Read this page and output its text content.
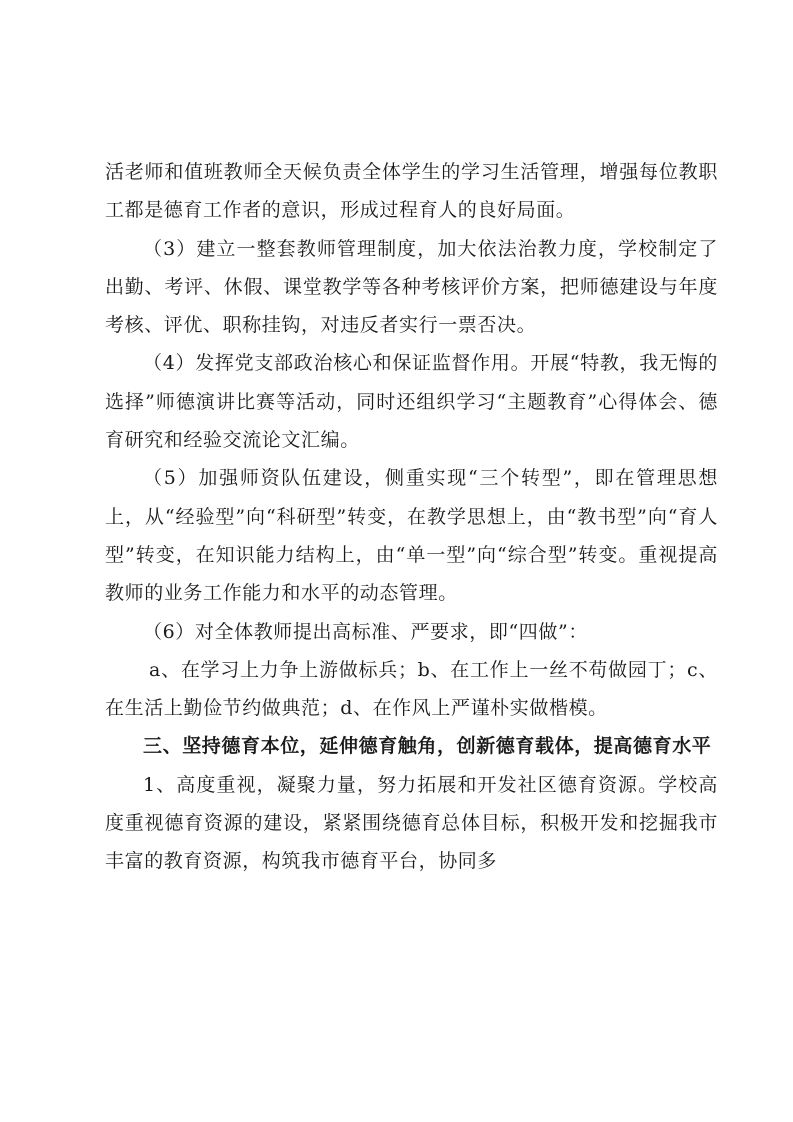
活老师和值班教师全天候负责全体学生的学习生活管理，增强每位教职工都是德育工作者的意识，形成过程育人的良好局面。

（3）建立一整套教师管理制度，加大依法治教力度，学校制定了出勤、考评、休假、课堂教学等各种考核评价方案，把师德建设与年度考核、评优、职称挂钩，对违反者实行一票否决。

（4）发挥党支部政治核心和保证监督作用。开展“特教，我无悔的选择”师德演讲比赛等活动，同时还组织学习“主题教育”心得体会、德育研究和经验交流论文汇编。

（5）加强师资队伍建设，侧重实现“三个转型”，即在管理思想上，从“经验型”向“科研型”转变，在教学思想上，由“教书型”向“育人型”转变，在知识能力结构上，由“单一型”向“综合型”转变。重视提高教师的业务工作能力和水平的动态管理。

（6）对全体教师提出高标准、严要求，即“四做”：

a、在学习上力争上游做标兵；b、在工作上一丝不苟做园丁；c、在生活上勤俭节约做典范；d、在作风上严谨朴实做楷模。

三、坚持德育本位，延伸德育触角，创新德育载体，提高德育水平

1、高度重视，凝聚力量，努力拓展和开发社区德育资源。学校高度重视德育资源的建设，紧紧围绕德育总体目标，积极开发和挖掘我市丰富的教育资源，构筑我市德育平台，协同多
